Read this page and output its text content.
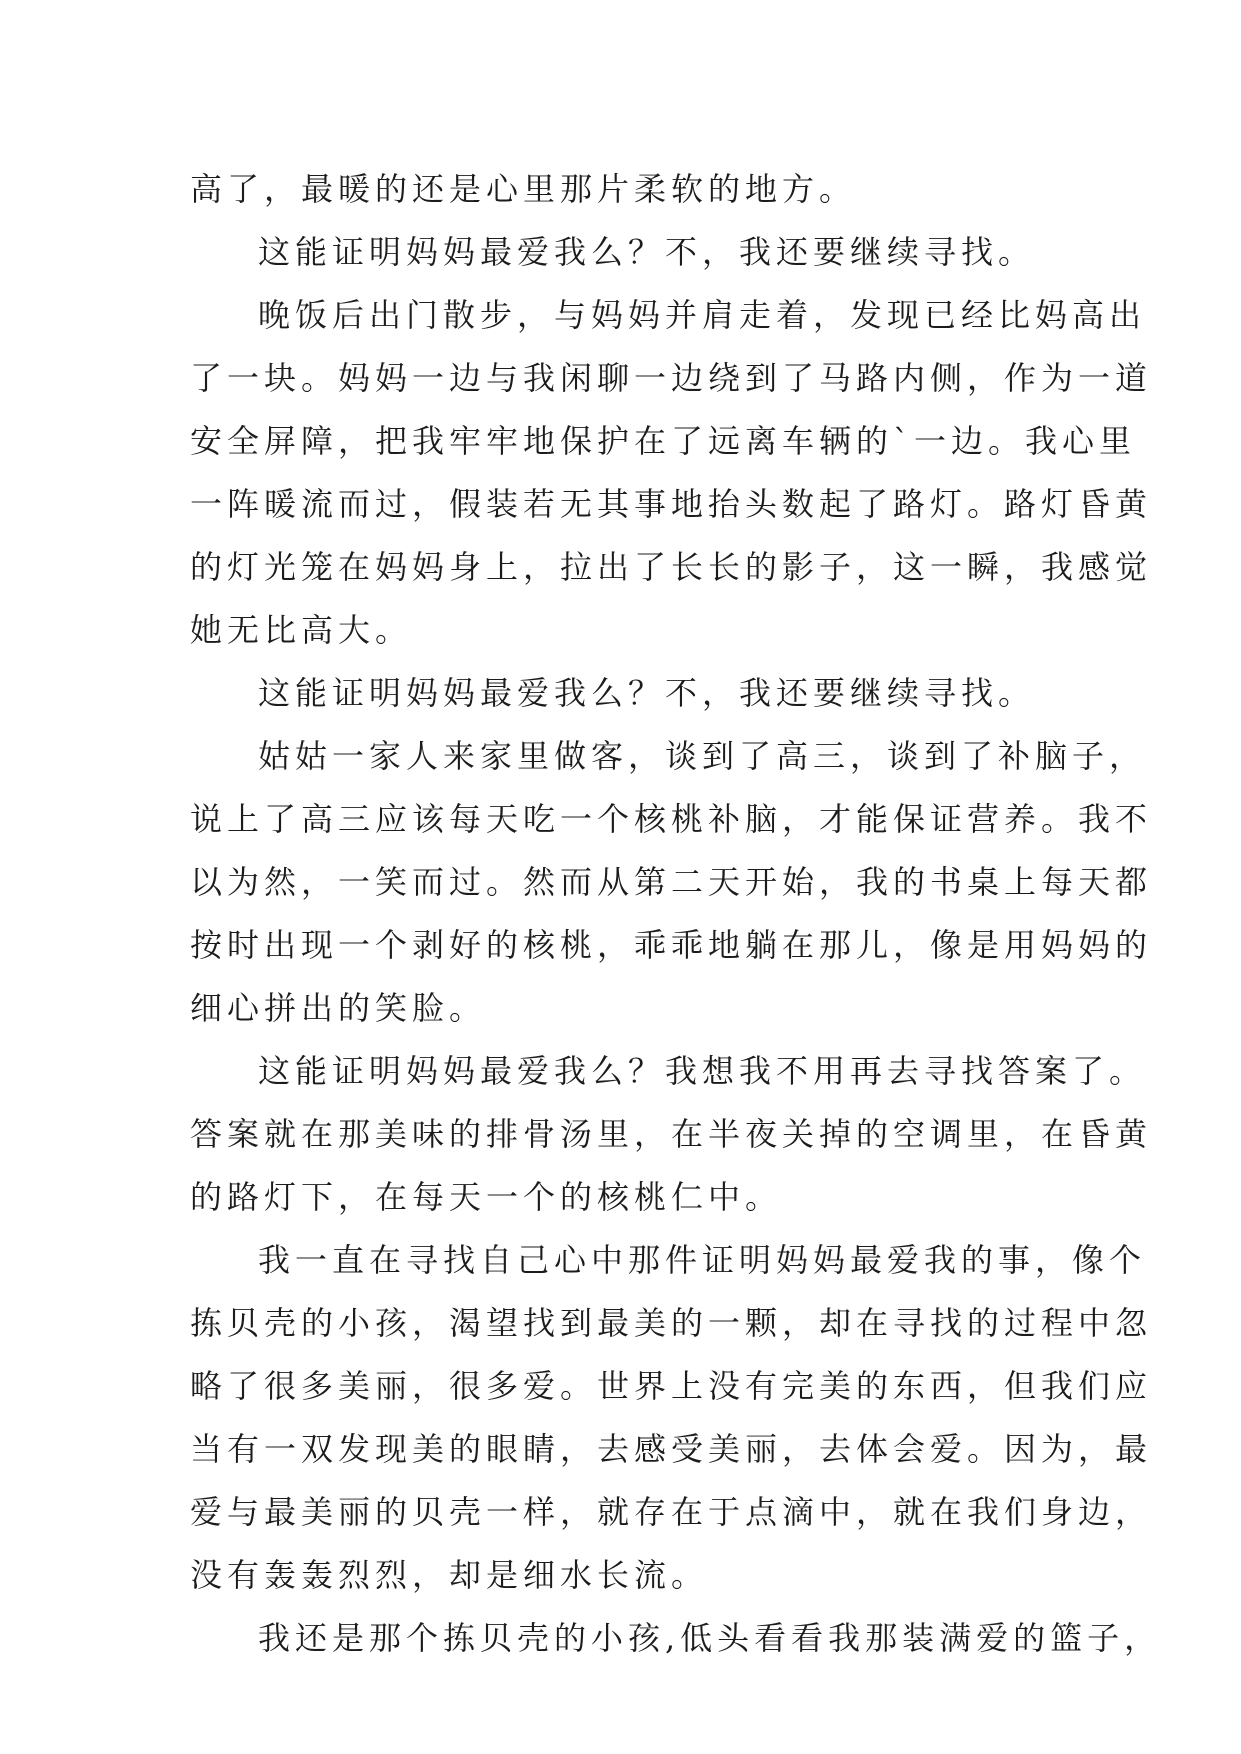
高了，最暖的还是心里那片柔软的地方。
这能证明妈妈最爱我么？不，我还要继续寻找。
晚饭后出门散步，与妈妈并肩走着，发现已经比妈高出
了一块。妈妈一边与我闲聊一边绕到了马路内侧，作为一道
安全屏障，把我牢牢地保护在了远离车辆的`一边。我心里
一阵暖流而过，假装若无其事地抬头数起了路灯。路灯昏黄
的灯光笼在妈妈身上，拉出了长长的影子，这一瞬，我感觉
她无比高大。
这能证明妈妈最爱我么？不，我还要继续寻找。
姑姑一家人来家里做客，谈到了高三，谈到了补脑子，
说上了高三应该每天吃一个核桃补脑，才能保证营养。我不
以为然，一笑而过。然而从第二天开始，我的书桌上每天都
按时出现一个剥好的核桃，乖乖地躺在那儿，像是用妈妈的
细心拼出的笑脸。
这能证明妈妈最爱我么？我想我不用再去寻找答案了。
答案就在那美味的排骨汤里，在半夜关掉的空调里，在昏黄
的路灯下，在每天一个的核桃仁中。
我一直在寻找自己心中那件证明妈妈最爱我的事，像个
拣贝壳的小孩，渴望找到最美的一颗，却在寻找的过程中忽
略了很多美丽，很多爱。世界上没有完美的东西，但我们应
当有一双发现美的眼睛，去感受美丽，去体会爱。因为，最
爱与最美丽的贝壳一样，就存在于点滴中，就在我们身边，
没有轰轰烈烈，却是细水长流。
我还是那个拣贝壳的小孩,低头看看我那装满爱的篮子，
